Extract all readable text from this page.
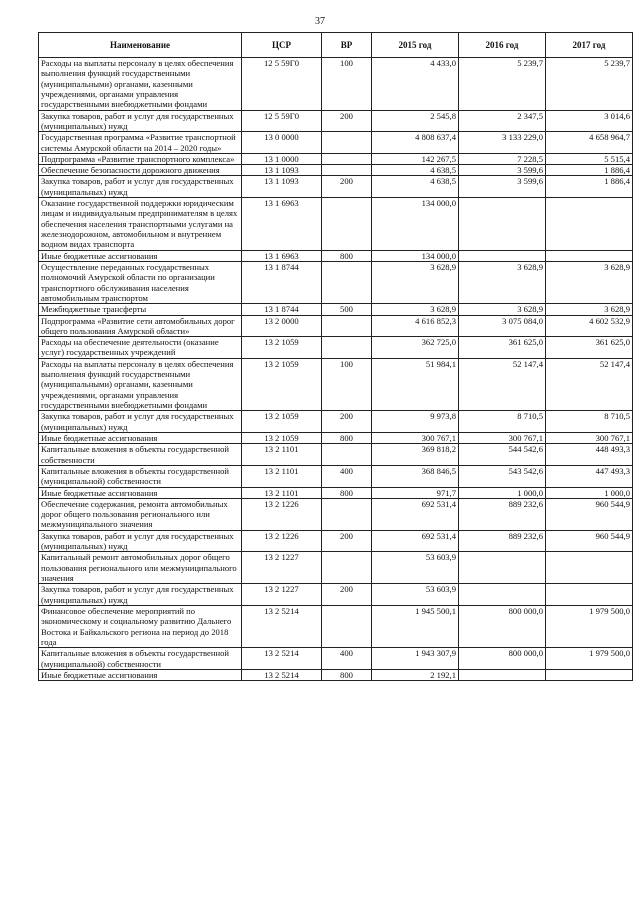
37
Наименование	ЦСР	ВР	2015 год	2016 год	2017 год
Расходы на выплаты персоналу в целях обеспечения выполнения функций государственными (муниципальными) органами, казенными учреждениями, органами управления государственными внебюджетными фондами	12 5 59Г0	100	4 433,0	5 239,7	5 239,7
Закупка товаров, работ и услуг для государственных (муниципальных) нужд	12 5 59Г0	200	2 545,8	2 347,5	3 014,6
Государственная программа «Развитие транспортной системы Амурской области на 2014 – 2020 годы»	13 0 0000		4 808 637,4	3 133 229,0	4 658 964,7
Подпрограмма «Развитие транспортного комплекса»	13 1 0000		142 267,5	7 228,5	5 515,4
Обеспечение безопасности дорожного движения	13 1 1093		4 638,5	3 599,6	1 886,4
Закупка товаров, работ и услуг для государственных (муниципальных) нужд	13 1 1093	200	4 638,5	3 599,6	1 886,4
Оказание государственной поддержки юридическим лицам и индивидуальным предпринимателям в целях обеспечения населения транспортными услугами на железнодорожном, автомобильном и внутреннем водном видах транспорта	13 1 6963		134 000,0		
Иные бюджетные ассигнования	13 1 6963	800	134 000,0		
Осуществление переданных государственных полномочий Амурской области по организации транспортного обслуживания населения автомобильным транспортом	13 1 8744		3 628,9	3 628,9	3 628,9
Межбюджетные трансферты	13 1 8744	500	3 628,9	3 628,9	3 628,9
Подпрограмма «Развитие сети автомобильных дорог общего пользования Амурской области»	13 2 0000		4 616 852,3	3 075 084,0	4 602 532,9
Расходы на обеспечение деятельности (оказание услуг) государственных учреждений	13 2 1059		362 725,0	361 625,0	361 625,0
Расходы на выплаты персоналу в целях обеспечения выполнения функций государственными (муниципальными) органами, казенными учреждениями, органами управления государственными внебюджетными фондами	13 2 1059	100	51 984,1	52 147,4	52 147,4
Закупка товаров, работ и услуг для государственных (муниципальных) нужд	13 2 1059	200	9 973,8	8 710,5	8 710,5
Иные бюджетные ассигнования	13 2 1059	800	300 767,1	300 767,1	300 767,1
Капитальные вложения в объекты государственной собственности	13 2 1101		369 818,2	544 542,6	448 493,3
Капитальные вложения в объекты государственной (муниципальной) собственности	13 2 1101	400	368 846,5	543 542,6	447 493,3
Иные бюджетные ассигнования	13 2 1101	800	971,7	1 000,0	1 000,0
Обеспечение содержания, ремонта автомобильных дорог общего пользования регионального или межмуниципального значения	13 2 1226		692 531,4	889 232,6	960 544,9
Закупка товаров, работ и услуг для государственных (муниципальных) нужд	13 2 1226	200	692 531,4	889 232,6	960 544,9
Капитальный ремонт автомобильных дорог общего пользования регионального или межмуниципального значения	13 2 1227		53 603,9		
Закупка товаров, работ и услуг для государственных (муниципальных) нужд	13 2 1227	200	53 603,9		
Финансовое обеспечение мероприятий по экономическому и социальному развитию Дальнего Востока и Байкальского региона на период до 2018 года	13 2 5214		1 945 500,1	800 000,0	1 979 500,0
Капитальные вложения в объекты государственной (муниципальной) собственности	13 2 5214	400	1 943 307,9	800 000,0	1 979 500,0
Иные бюджетные ассигнования	13 2 5214	800	2 192,1		
